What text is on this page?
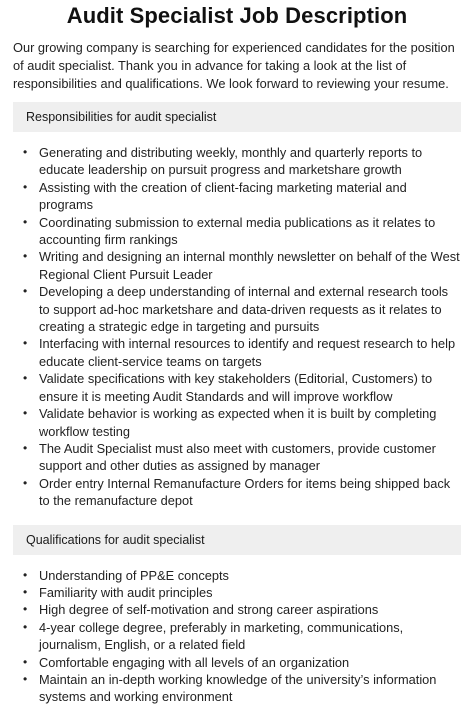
Audit Specialist Job Description

Our growing company is searching for experienced candidates for the position of audit specialist. Thank you in advance for taking a look at the list of responsibilities and qualifications. We look forward to reviewing your resume.

Responsibilities for audit specialist
• Generating and distributing weekly, monthly and quarterly reports to educate leadership on pursuit progress and marketshare growth
• Assisting with the creation of client-facing marketing material and programs
• Coordinating submission to external media publications as it relates to accounting firm rankings
• Writing and designing an internal monthly newsletter on behalf of the West Regional Client Pursuit Leader
• Developing a deep understanding of internal and external research tools to support ad-hoc marketshare and data-driven requests as it relates to creating a strategic edge in targeting and pursuits
• Interfacing with internal resources to identify and request research to help educate client-service teams on targets
• Validate specifications with key stakeholders (Editorial, Customers) to ensure it is meeting Audit Standards and will improve workflow
• Validate behavior is working as expected when it is built by completing workflow testing
• The Audit Specialist must also meet with customers, provide customer support and other duties as assigned by manager
• Order entry Internal Remanufacture Orders for items being shipped back to the remanufacture depot
Qualifications for audit specialist
• Understanding of PP&E concepts
• Familiarity with audit principles
• High degree of self-motivation and strong career aspirations
• 4-year college degree, preferably in marketing, communications, journalism, English, or a related field
• Comfortable engaging with all levels of an organization
• Maintain an in-depth working knowledge of the university’s information systems and working environment
